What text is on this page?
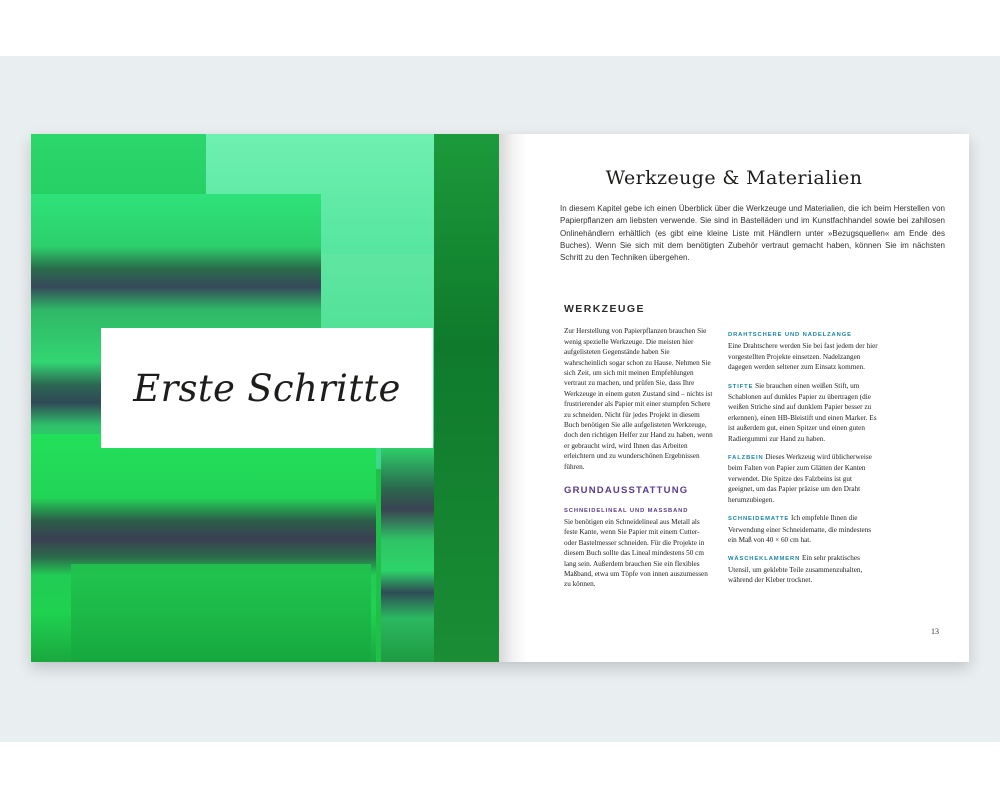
Erste Schritte
Werkzeuge & Materialien

In diesem Kapitel gebe ich einen Überblick über die Werkzeuge und Materialien, die ich beim Herstellen von Papierpflanzen am liebsten verwende. Sie sind in Bastelläden und im Kunstfachhandel sowie bei zahllosen Onlinehändlern erhältlich (es gibt eine kleine Liste mit Händlern unter »Bezugsquellen« am Ende des Buches). Wenn Sie sich mit dem benötigten Zubehör vertraut gemacht haben, können Sie im nächsten Schritt zu den Techniken übergehen.

WERKZEUGE

Zur Herstellung von Papierpflanzen brauchen Sie wenig spezielle Werkzeuge. Die meisten hier aufgelisteten Gegenstände haben Sie wahrscheinlich sogar schon zu Hause. Nehmen Sie sich Zeit, um sich mit meinen Empfehlungen vertraut zu machen, und prüfen Sie, dass Ihre Werkzeuge in einem guten Zustand sind – nichts ist frustrierender als Papier mit einer stumpfen Schere zu schneiden. Nicht für jedes Projekt in diesem Buch benötigen Sie alle aufgelisteten Werkzeuge, doch den richtigen Helfer zur Hand zu haben, wenn er gebraucht wird, wird Ihnen das Arbeiten erleichtern und zu wunderschönen Ergebnissen führen.

GRUNDAUSSTATTUNG

SCHNEIDELINEAL UND MASSBAND
Sie benötigen ein Schneidelineal aus Metall als feste Kante, wenn Sie Papier mit einem Cutter- oder Bastelmesser schneiden. Für die Projekte in diesem Buch sollte das Lineal mindestens 50 cm lang sein. Außerdem brauchen Sie ein flexibles Maßband, etwa um Töpfe von innen auszumessen zu können.

DRAHTSCHERE UND NADELZANGE
Eine Drahtschere werden Sie bei fast jedem der hier vorgestellten Projekte einsetzen. Nadelzangen dagegen werden seltener zum Einsatz kommen.

STIFTE Sie brauchen einen weißen Stift, um Schablonen auf dunkles Papier zu übertragen (die weißen Striche sind auf dunklem Papier besser zu erkennen), einen HB-Bleistift und einen Marker. Es ist außerdem gut, einen Spitzer und einen guten Radiergummi zur Hand zu haben.

FALZBEIN Dieses Werkzeug wird üblicherweise beim Falten von Papier zum Glätten der Kanten verwendet. Die Spitze des Falzbeins ist gut geeignet, um das Papier präzise um den Draht herumzubiegen.

SCHNEIDEMATTE Ich empfehle Ihnen die Verwendung einer Schneidematte, die mindestens ein Maß von 40 × 60 cm hat.

WÄSCHEKLAMMERN Ein sehr praktisches Utensil, um geklebte Teile zusammenzuhalten, während der Kleber trocknet.

13
